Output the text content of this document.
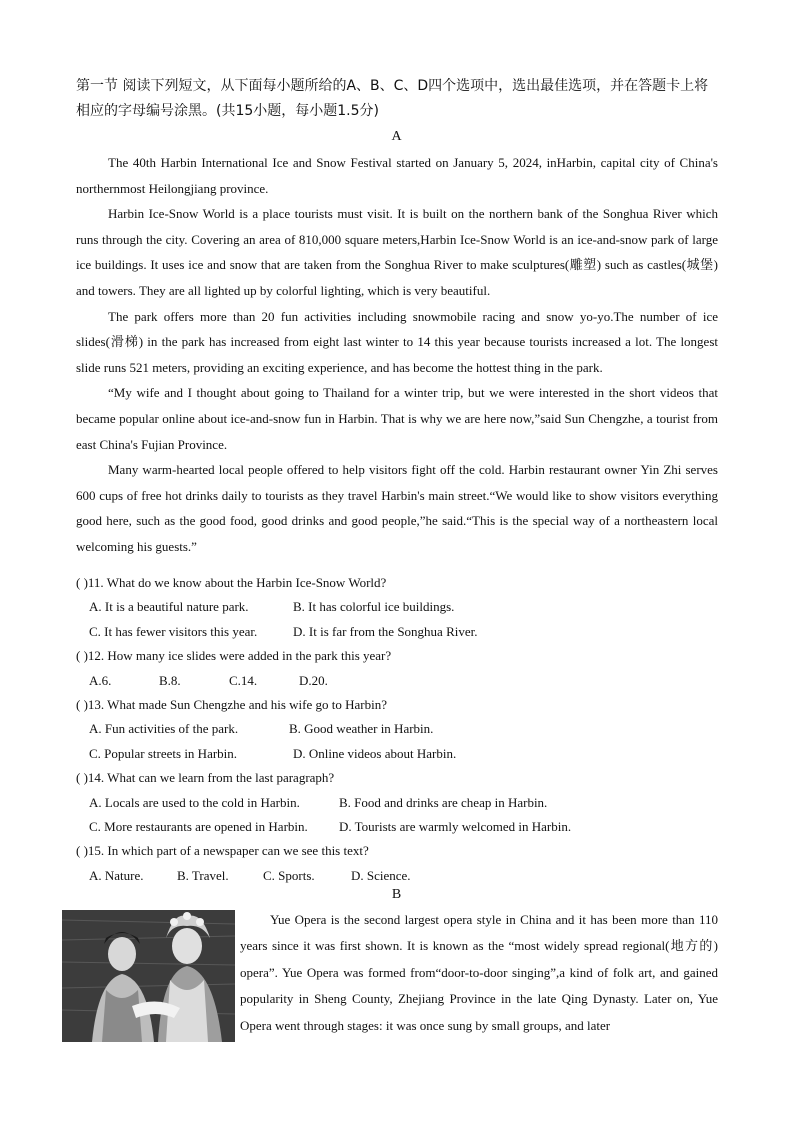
第一节 阅读下列短文，从下面每小题所给的A、B、C、D四个选项中，选出最佳选项，并在答题卡上将相应的字母编号涂黑。(共15小题，每小题1.5分)
A

The 40th Harbin International Ice and Snow Festival started on January 5, 2024, inHarbin, capital city of China's northernmost Heilongjiang province.

Harbin Ice-Snow World is a place tourists must visit. It is built on the northern bank of the Songhua River which runs through the city. Covering an area of 810,000 square meters,Harbin Ice-Snow World is an ice-and-snow park of large ice buildings. It uses ice and snow that are taken from the Songhua River to make sculptures(雕塑) such as castles(城堡) and towers. They are all lighted up by colorful lighting, which is very beautiful.

The park offers more than 20 fun activities including snowmobile racing and snow yo-yo.The number of ice slides(滑梯) in the park has increased from eight last winter to 14 this year because tourists increased a lot. The longest slide runs 521 meters, providing an exciting experience, and has become the hottest thing in the park.

“My wife and I thought about going to Thailand for a winter trip, but we were interested in the short videos that became popular online about ice-and-snow fun in Harbin. That is why we are here now,”said Sun Chengzhe, a tourist from east China's Fujian Province.

Many warm-hearted local people offered to help visitors fight off the cold. Harbin restaurant owner Yin Zhi serves 600 cups of free hot drinks daily to tourists as they travel Harbin's main street.“We would like to show visitors everything good here, such as the good food, good drinks and good people,”he said.“This is the special way of a northeastern local welcoming his guests.”

( )11. What do we know about the Harbin Ice-Snow World?

A. It is a beautiful nature park.	B. It has colorful ice buildings.
C. It has fewer visitors this year.	D. It is far from the Songhua River.

( )12. How many ice slides were added in the park this year?

A.6.	B.8.	C.14.	D.20.

( )13. What made Sun Chengzhe and his wife go to Harbin?

A. Fun activities of the park.	B. Good weather in Harbin.
C. Popular streets in Harbin.	D. Online videos about Harbin.

( )14. What can we learn from the last paragraph?

A. Locals are used to the cold in Harbin.	B. Food and drinks are cheap in Harbin.
C. More restaurants are opened in Harbin. D. Tourists are warmly welcomed in Harbin.

( )15. In which part of a newspaper can we see this text?

A. Nature.	B. Travel.	C. Sports.	D. Science.
B

Yue Opera is the second largest opera style in China and it has been more than 110 years since it was first shown. It is known as the “most widely spread regional(地方的) opera”. Yue Opera was formed from“door-to-door singing”,a kind of folk art, and gained popularity in Sheng County, Zhejiang Province in the late Qing Dynasty. Later on, Yue Opera went through stages: it was once sung by small groups, and later
